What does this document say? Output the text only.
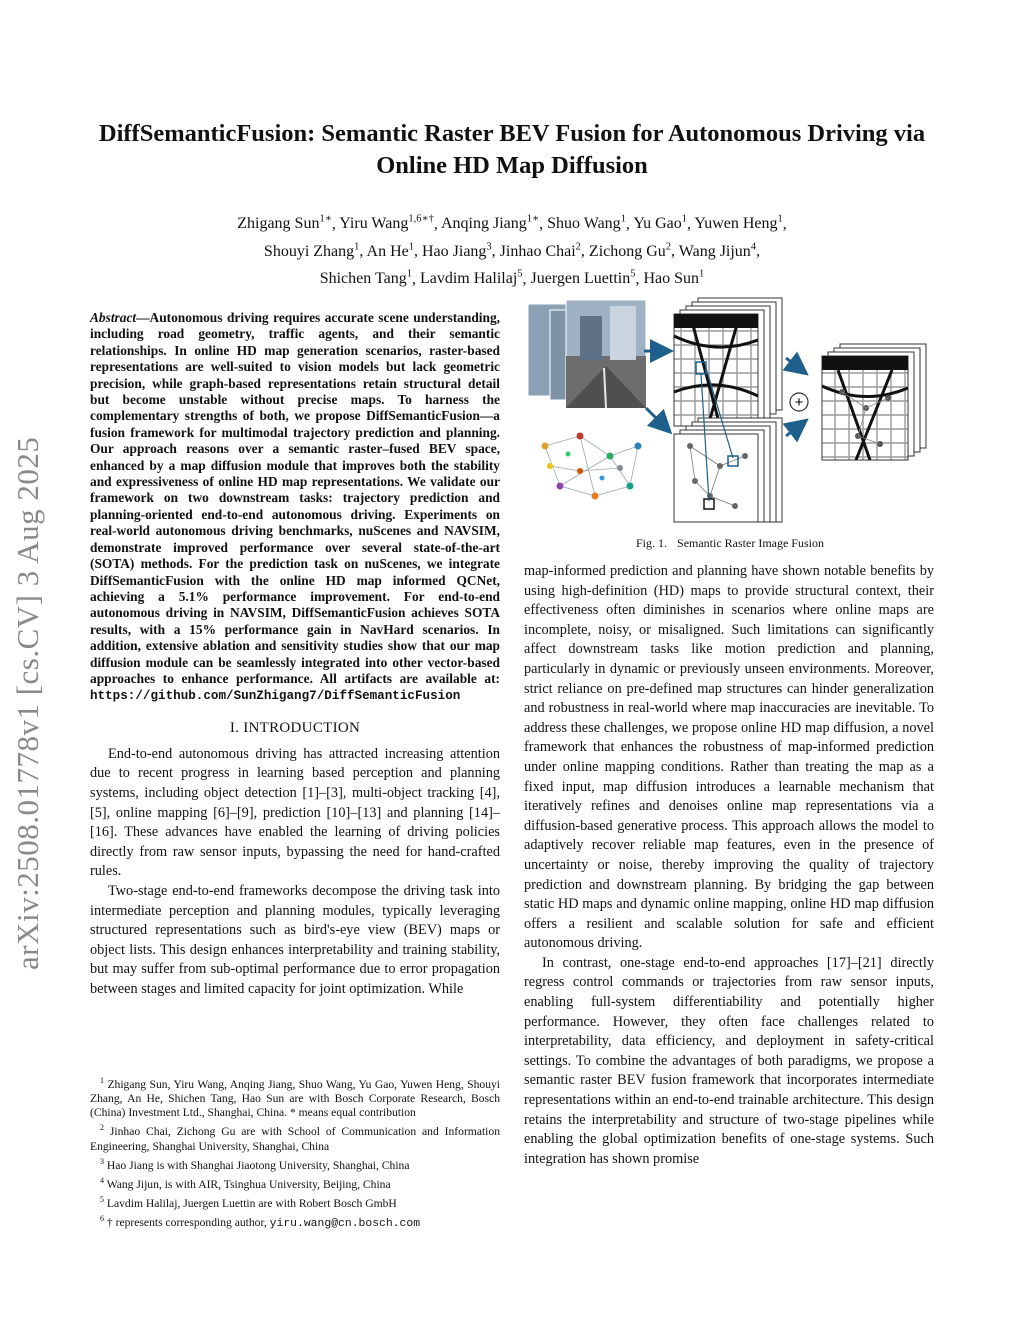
arXiv:2508.01778v1 [cs.CV] 3 Aug 2025
DiffSemanticFusion: Semantic Raster BEV Fusion for Autonomous Driving via Online HD Map Diffusion
Zhigang Sun$^{1∗}$, Yiru Wang$^{1,6∗\dagger}$, Anqing Jiang$^{1∗}$, Shuo Wang$^1$, Yu Gao$^1$, Yuwen Heng$^1$,
Shouyi Zhang$^1$, An He$^1$, Hao Jiang$^3$, Jinhao Chai$^2$, Zichong Gu$^2$, Wang Jijun$^4$,
Shichen Tang$^1$, Lavdim Halilaj$^5$, Juergen Luettin$^5$, Hao Sun$^1$
Abstract—Autonomous driving requires accurate scene understanding, including road geometry, traffic agents, and their semantic relationships. In online HD map generation scenarios, raster-based representations are well-suited to vision models but lack geometric precision, while graph-based representations retain structural detail but become unstable without precise maps. To harness the complementary strengths of both, we propose DiffSemanticFusion—a fusion framework for multimodal trajectory prediction and planning. Our approach reasons over a semantic raster–fused BEV space, enhanced by a map diffusion module that improves both the stability and expressiveness of online HD map representations. We validate our framework on two downstream tasks: trajectory prediction and planning-oriented end-to-end autonomous driving. Experiments on real-world autonomous driving benchmarks, nuScenes and NAVSIM, demonstrate improved performance over several state-of-the-art (SOTA) methods. For the prediction task on nuScenes, we integrate DiffSemanticFusion with the online HD map informed QCNet, achieving a 5.1% performance improvement. For end-to-end autonomous driving in NAVSIM, DiffSemanticFusion achieves SOTA results, with a 15% performance gain in NavHard scenarios. In addition, extensive ablation and sensitivity studies show that our map diffusion module can be seamlessly integrated into other vector-based approaches to enhance performance. All artifacts are available at: https://github.com/SunZhigang7/DiffSemanticFusion
I. INTRODUCTION

End-to-end autonomous driving has attracted increasing attention due to recent progress in learning based perception and planning systems, including object detection [1]–[3], multi-object tracking [4], [5], online mapping [6]–[9], prediction [10]–[13] and planning [14]–[16]. These advances have enabled the learning of driving policies directly from raw sensor inputs, bypassing the need for hand-crafted rules.

Two-stage end-to-end frameworks decompose the driving task into intermediate perception and planning modules, typically leveraging structured representations such as bird's-eye view (BEV) maps or object lists. This design enhances interpretability and training stability, but may suffer from sub-optimal performance due to error propagation between stages and limited capacity for joint optimization. While

$^1$ Zhigang Sun, Yiru Wang, Anqing Jiang, Shuo Wang, Yu Gao, Yuwen Heng, Shouyi Zhang, An He, Shichen Tang, Hao Sun are with Bosch Corporate Research, Bosch (China) Investment Ltd., Shanghai, China. * means equal contribution

$^2$ Jinhao Chai, Zichong Gu are with School of Communication and Information Engineering, Shanghai University, Shanghai, China

$^3$ Hao Jiang is with Shanghai Jiaotong University, Shanghai, China

$^4$ Wang Jijun, is with AIR, Tsinghua University, Beijing, China

$^5$ Lavdim Halilaj, Juergen Luettin are with Robert Bosch GmbH

$^6$ † represents corresponding author, yiru.wang@cn.bosch.com

+
Fig. 1. Semantic Raster Image Fusion

map-informed prediction and planning have shown notable benefits by using high-definition (HD) maps to provide structural context, their effectiveness often diminishes in scenarios where online maps are incomplete, noisy, or misaligned. Such limitations can significantly affect downstream tasks like motion prediction and planning, particularly in dynamic or previously unseen environments. Moreover, strict reliance on pre-defined map structures can hinder generalization and robustness in real-world where map inaccuracies are inevitable. To address these challenges, we propose online HD map diffusion, a novel framework that enhances the robustness of map-informed prediction under online mapping conditions. Rather than treating the map as a fixed input, map diffusion introduces a learnable mechanism that iteratively refines and denoises online map representations via a diffusion-based generative process. This approach allows the model to adaptively recover reliable map features, even in the presence of uncertainty or noise, thereby improving the quality of trajectory prediction and downstream planning. By bridging the gap between static HD maps and dynamic online mapping, online HD map diffusion offers a resilient and scalable solution for safe and efficient autonomous driving.

In contrast, one-stage end-to-end approaches [17]–[21] directly regress control commands or trajectories from raw sensor inputs, enabling full-system differentiability and potentially higher performance. However, they often face challenges related to interpretability, data efficiency, and deployment in safety-critical settings. To combine the advantages of both paradigms, we propose a semantic raster BEV fusion framework that incorporates intermediate representations within an end-to-end trainable architecture. This design retains the interpretability and structure of two-stage pipelines while enabling the global optimization benefits of one-stage systems. Such integration has shown promise
